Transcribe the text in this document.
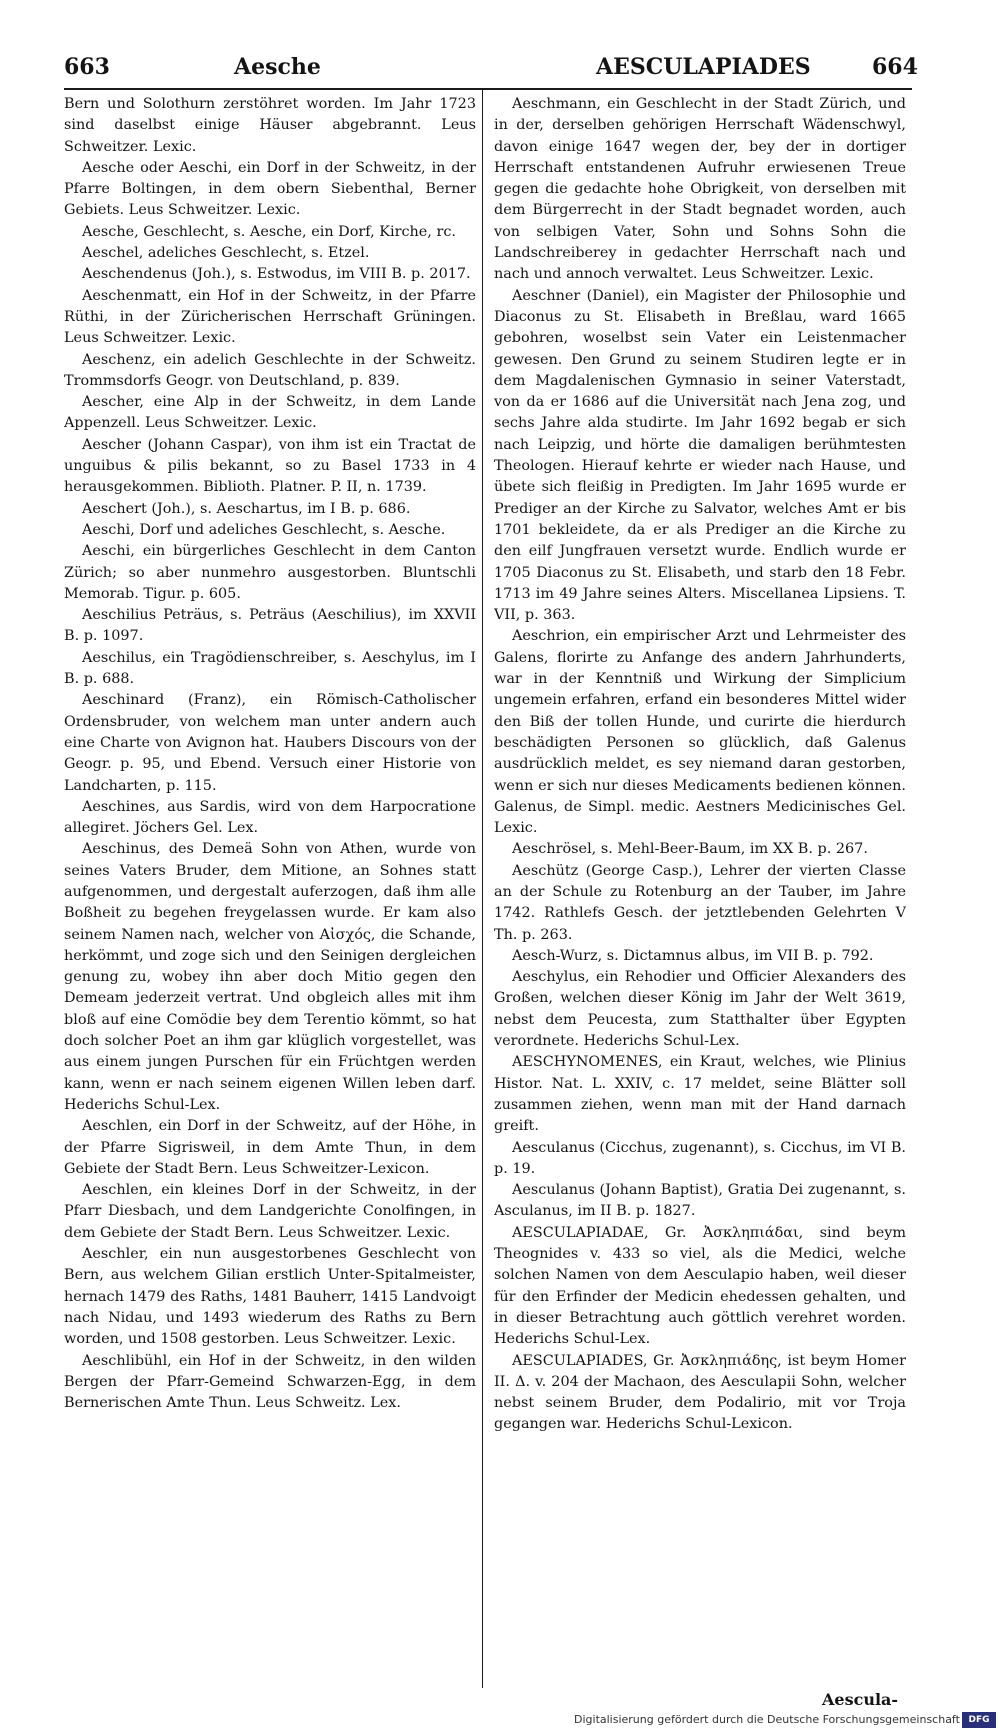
663	Aesche	AESCULAPIADES	664

Bern und Solothurn zerstöhret worden. Im Jahr 1723 sind daselbst einige Häuser abgebrannt. Leus Schweitzer. Lexic.

Aesche oder Aeschi, ein Dorf in der Schweitz, in der Pfarre Boltingen, in dem obern Siebenthal, Berner Gebiets. Leus Schweitzer. Lexic.

Aesche, Geschlecht, s. Aesche, ein Dorf, Kirche, rc.

Aeschel, adeliches Geschlecht, s. Etzel.

Aeschendenus (Joh.), s. Estwodus, im VIII B. p. 2017.

Aeschenmatt, ein Hof in der Schweitz, in der Pfarre Rüthi, in der Züricherischen Herrschaft Grüningen. Leus Schweitzer. Lexic.

Aeschenz, ein adelich Geschlechte in der Schweitz. Trommsdorfs Geogr. von Deutschland, p. 839.

Aescher, eine Alp in der Schweitz, in dem Lande Appenzell. Leus Schweitzer. Lexic.

Aescher (Johann Caspar), von ihm ist ein Tractat de unguibus & pilis bekannt, so zu Basel 1733 in 4 herausgekommen. Biblioth. Platner. P. II, n. 1739.

Aeschert (Joh.), s. Aeschartus, im I B. p. 686.

Aeschi, Dorf und adeliches Geschlecht, s. Aesche.

Aeschi, ein bürgerliches Geschlecht in dem Canton Zürich; so aber nunmehro ausgestorben. Bluntschli Memorab. Tigur. p. 605.

Aeschilius Peträus, s. Peträus (Aeschilius), im XXVII B. p. 1097.

Aeschilus, ein Tragödienschreiber, s. Aeschylus, im I B. p. 688.

Aeschinard (Franz), ein Römisch-Catholischer Ordensbruder, von welchem man unter andern auch eine Charte von Avignon hat. Haubers Discours von der Geogr. p. 95, und Ebend. Versuch einer Historie von Landcharten, p. 115.

Aeschines, aus Sardis, wird von dem Harpocratione allegiret. Jöchers Gel. Lex.

Aeschinus, des Demeä Sohn von Athen, wurde von seines Vaters Bruder, dem Mitione, an Sohnes statt aufgenommen, und dergestalt auferzogen, daß ihm alle Boßheit zu begehen freygelassen wurde. Er kam also seinem Namen nach, welcher von Αἰσχός, die Schande, herkömmt, und zoge sich und den Seinigen dergleichen genung zu, wobey ihn aber doch Mitio gegen den Demeam jederzeit vertrat. Und obgleich alles mit ihm bloß auf eine Comödie bey dem Terentio kömmt, so hat doch solcher Poet an ihm gar klüglich vorgestellet, was aus einem jungen Purschen für ein Früchtgen werden kann, wenn er nach seinem eigenen Willen leben darf. Hederichs Schul-Lex.

Aeschlen, ein Dorf in der Schweitz, auf der Höhe, in der Pfarre Sigrisweil, in dem Amte Thun, in dem Gebiete der Stadt Bern. Leus Schweitzer-Lexicon.

Aeschlen, ein kleines Dorf in der Schweitz, in der Pfarr Diesbach, und dem Landgerichte Conolfingen, in dem Gebiete der Stadt Bern. Leus Schweitzer. Lexic.

Aeschler, ein nun ausgestorbenes Geschlecht von Bern, aus welchem Gilian erstlich Unter-Spitalmeister, hernach 1479 des Raths, 1481 Bauherr, 1415 Landvoigt nach Nidau, und 1493 wiederum des Raths zu Bern worden, und 1508 gestorben. Leus Schweitzer. Lexic.

Aeschlibühl, ein Hof in der Schweitz, in den wilden Bergen der Pfarr-Gemeind Schwarzen-Egg, in dem Bernerischen Amte Thun. Leus Schweitz. Lex.

Aeschmann, ein Geschlecht in der Stadt Zürich, und in der, derselben gehörigen Herrschaft Wädenschwyl, davon einige 1647 wegen der, bey der in dortiger Herrschaft entstandenen Aufruhr erwiesenen Treue gegen die gedachte hohe Obrigkeit, von derselben mit dem Bürgerrecht in der Stadt begnadet worden, auch von selbigen Vater, Sohn und Sohns Sohn die Landschreiberey in gedachter Herrschaft nach und nach und annoch verwaltet. Leus Schweitzer. Lexic.

Aeschner (Daniel), ein Magister der Philosophie und Diaconus zu St. Elisabeth in Breßlau, ward 1665 gebohren, woselbst sein Vater ein Leistenmacher gewesen. Den Grund zu seinem Studiren legte er in dem Magdalenischen Gymnasio in seiner Vaterstadt, von da er 1686 auf die Universität nach Jena zog, und sechs Jahre alda studirte. Im Jahr 1692 begab er sich nach Leipzig, und hörte die damaligen berühmtesten Theologen. Hierauf kehrte er wieder nach Hause, und übete sich fleißig in Predigten. Im Jahr 1695 wurde er Prediger an der Kirche zu Salvator, welches Amt er bis 1701 bekleidete, da er als Prediger an die Kirche zu den eilf Jungfrauen versetzt wurde. Endlich wurde er 1705 Diaconus zu St. Elisabeth, und starb den 18 Febr. 1713 im 49 Jahre seines Alters. Miscellanea Lipsiens. T. VII, p. 363.

Aeschrion, ein empirischer Arzt und Lehrmeister des Galens, florirte zu Anfange des andern Jahrhunderts, war in der Kenntniß und Wirkung der Simplicium ungemein erfahren, erfand ein besonderes Mittel wider den Biß der tollen Hunde, und curirte die hierdurch beschädigten Personen so glücklich, daß Galenus ausdrücklich meldet, es sey niemand daran gestorben, wenn er sich nur dieses Medicaments bedienen können. Galenus, de Simpl. medic. Aestners Medicinisches Gel. Lexic.

Aeschrösel, s. Mehl-Beer-Baum, im XX B. p. 267.

Aeschütz (George Casp.), Lehrer der vierten Classe an der Schule zu Rotenburg an der Tauber, im Jahre 1742. Rathlefs Gesch. der jetztlebenden Gelehrten V Th. p. 263.

Aesch-Wurz, s. Dictamnus albus, im VII B. p. 792.

Aeschylus, ein Rehodier und Officier Alexanders des Großen, welchen dieser König im Jahr der Welt 3619, nebst dem Peucesta, zum Statthalter über Egypten verordnete. Hederichs Schul-Lex.

AESCHYNOMENES, ein Kraut, welches, wie Plinius Histor. Nat. L. XXIV, c. 17 meldet, seine Blätter soll zusammen ziehen, wenn man mit der Hand darnach greift.

Aesculanus (Cicchus, zugenannt), s. Cicchus, im VI B. p. 19.

Aesculanus (Johann Baptist), Gratia Dei zugenannt, s. Asculanus, im II B. p. 1827.

AESCULAPIADAE, Gr. Ἀσκληπιάδαι, sind beym Theognides v. 433 so viel, als die Medici, welche solchen Namen von dem Aesculapio haben, weil dieser für den Erfinder der Medicin ehedessen gehalten, und in dieser Betrachtung auch göttlich verehret worden. Hederichs Schul-Lex.

AESCULAPIADES, Gr. Ἀσκληπιάδης, ist beym Homer II. Δ. v. 204 der Machaon, des Aesculapii Sohn, welcher nebst seinem Bruder, dem Podalirio, mit vor Troja gegangen war. Hederichs Schul-Lexicon.

Aescula-
Digitalisierung gefördert durch die Deutsche Forschungsgemeinschaft DFG
